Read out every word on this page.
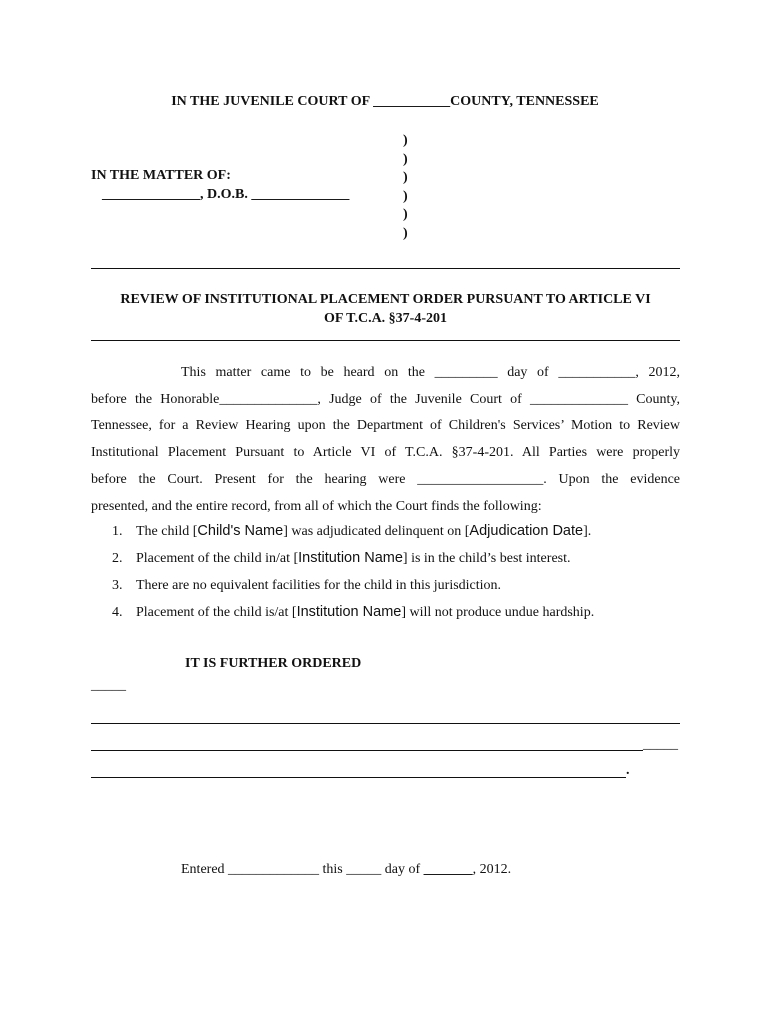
IN THE JUVENILE COURT OF ___________COUNTY, TENNESSEE
)
)
)
)
)
)
IN THE MATTER OF:
______________, D.O.B. ______________
REVIEW OF INSTITUTIONAL PLACEMENT ORDER PURSUANT TO ARTICLE VI
OF T.C.A. §37-4-201

This matter came to be heard on the _________ day of ___________, 2012,

before the Honorable______________, Judge of the Juvenile Court of ______________ County,

Tennessee, for a Review Hearing upon the Department of Children's Services’ Motion to Review

Institutional Placement Pursuant to Article VI of T.C.A. §37-4-201. All Parties were properly

before the Court. Present for the hearing were __________________. Upon the evidence

presented, and the entire record, from all of which the Court finds the following:

1. The child [Child's Name] was adjudicated delinquent on [Adjudication Date].
2. Placement of the child in/at [Institution Name] is in the child’s best interest.
3. There are no equivalent facilities for the child in this jurisdiction.
4. Placement of the child is/at [Institution Name] will not produce undue hardship.
IT IS FURTHER ORDERED
_____
_____
.
Entered _____________ this _____ day of _______, 2012.
